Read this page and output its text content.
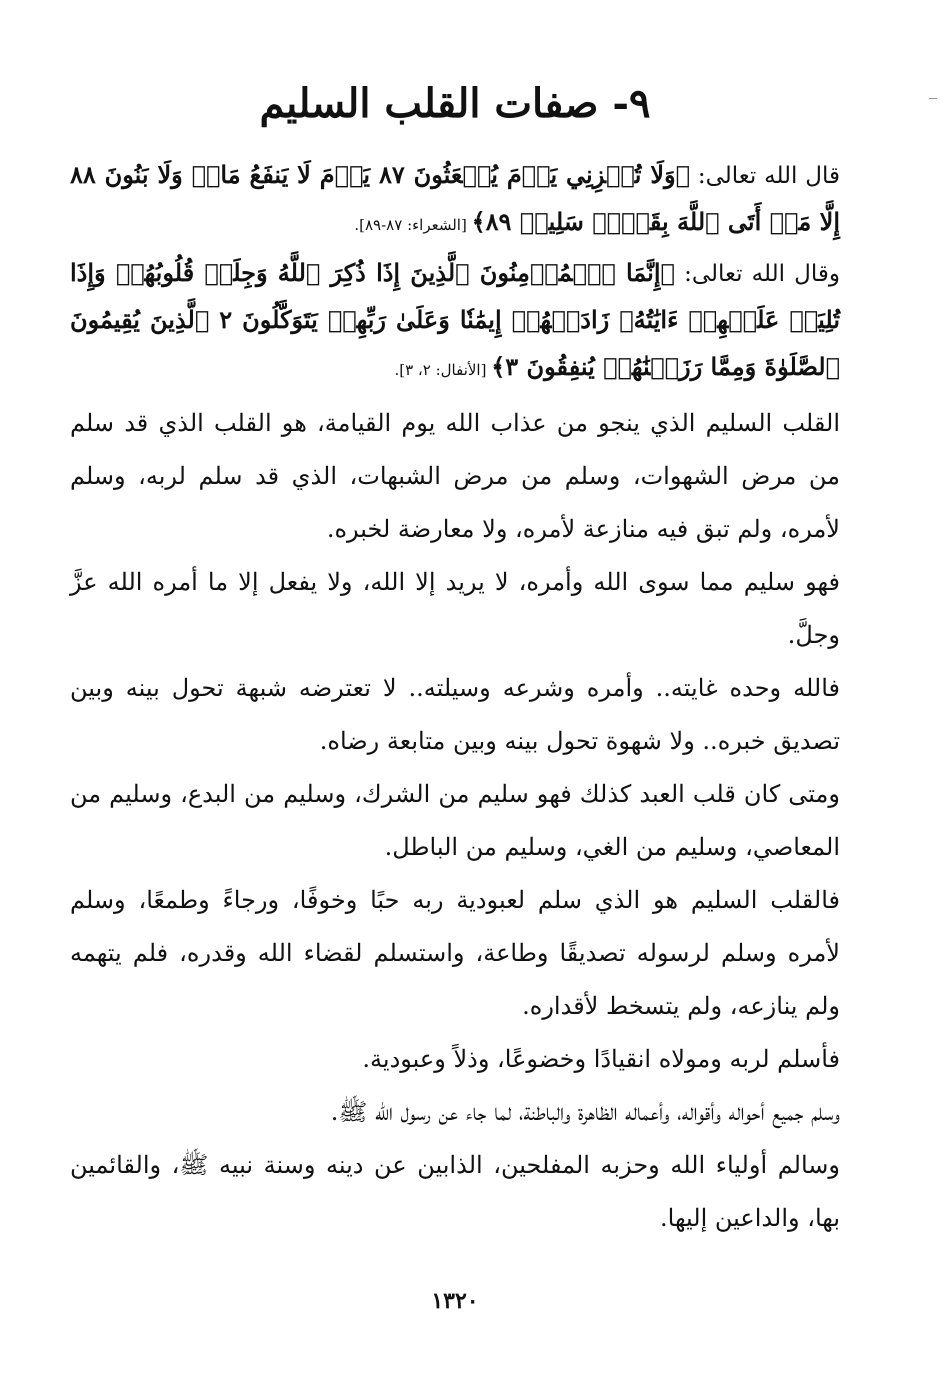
٩- صفات القلب السليم

قال الله تعالى: ﴿وَلَا تُخۡزِنِي يَوۡمَ يُبۡعَثُونَ ٨٧ يَوۡمَ لَا يَنفَعُ مَالٞ وَلَا بَنُونَ ٨٨ إِلَّا مَنۡ أَتَى ٱللَّهَ بِقَلۡبٖ سَلِيمٖ ٨٩﴾ [الشعراء: ٨٧-٨٩].

وقال الله تعالى: ﴿إِنَّمَا ٱلۡمُؤۡمِنُونَ ٱلَّذِينَ إِذَا ذُكِرَ ٱللَّهُ وَجِلَتۡ قُلُوبُهُمۡ وَإِذَا تُلِيَتۡ عَلَيۡهِمۡ ءَايَٰتُهُۥ زَادَتۡهُمۡ إِيمَٰنٗا وَعَلَىٰ رَبِّهِمۡ يَتَوَكَّلُونَ ٢ ٱلَّذِينَ يُقِيمُونَ ٱلصَّلَوٰةَ وَمِمَّا رَزَقۡنَٰهُمۡ يُنفِقُونَ ٣﴾ [الأنفال: ٢، ٣].

القلب السليم الذي ينجو من عذاب الله يوم القيامة، هو القلب الذي قد سلم من مرض الشهوات، وسلم من مرض الشبهات، الذي قد سلم لربه، وسلم لأمره، ولم تبق فيه منازعة لأمره، ولا معارضة لخبره.

فهو سليم مما سوى الله وأمره، لا يريد إلا الله، ولا يفعل إلا ما أمره الله عزَّ وجلَّ.

فالله وحده غايته.. وأمره وشرعه وسيلته.. لا تعترضه شبهة تحول بينه وبين تصديق خبره.. ولا شهوة تحول بينه وبين متابعة رضاه.

ومتى كان قلب العبد كذلك فهو سليم من الشرك، وسليم من البدع، وسليم من المعاصي، وسليم من الغي، وسليم من الباطل.

فالقلب السليم هو الذي سلم لعبودية ربه حبًا وخوفًا، ورجاءً وطمعًا، وسلم لأمره وسلم لرسوله تصديقًا وطاعة، واستسلم لقضاء الله وقدره، فلم يتهمه ولم ينازعه، ولم يتسخط لأقداره.

فأسلم لربه ومولاه انقيادًا وخضوعًا، وذلاً وعبودية.

وسلم جميع أحواله وأقواله، وأعماله الظاهرة والباطنة، لما جاء عن رسول الله ﷺ.

وسالم أولياء الله وحزبه المفلحين، الذابين عن دينه وسنة نبيه ﷺ، والقائمين بها، والداعين إليها.

١٣٢٠
